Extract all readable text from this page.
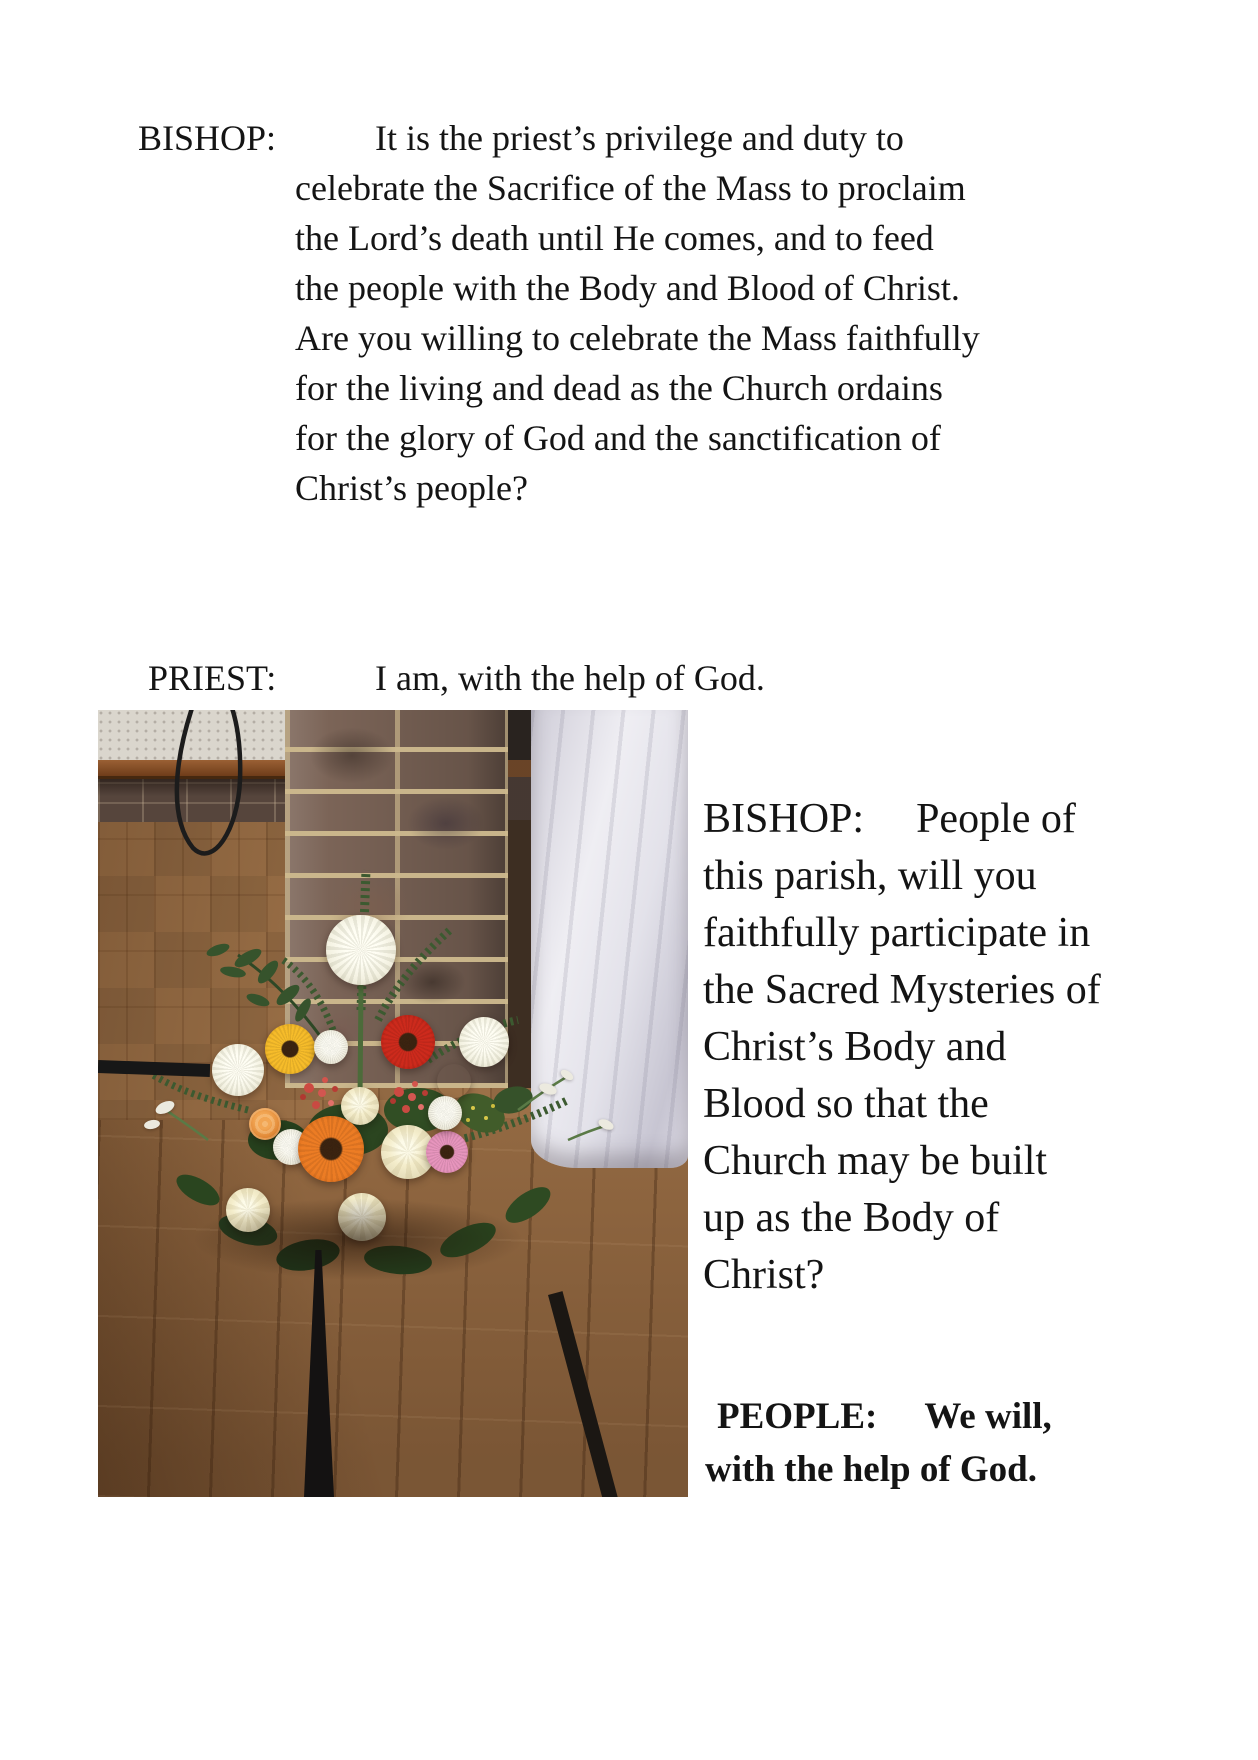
BISHOP:	It is the priest’s privilege and duty to
celebrate the Sacrifice of the Mass to proclaim
the Lord’s death until He comes, and to feed
the people with the Body and Blood of Christ.
Are you willing to celebrate the Mass faithfully
for the living and dead as the Church ordains
for the glory of God and the sanctification of
Christ’s people?
PRIEST:	I am, with the help of God.
BISHOP: People of
this parish, will you
faithfully participate in
the Sacred Mysteries of
Christ’s Body and
Blood so that the
Church may be built
up as the Body of
Christ?
PEOPLE: We will,
with the help of God.
